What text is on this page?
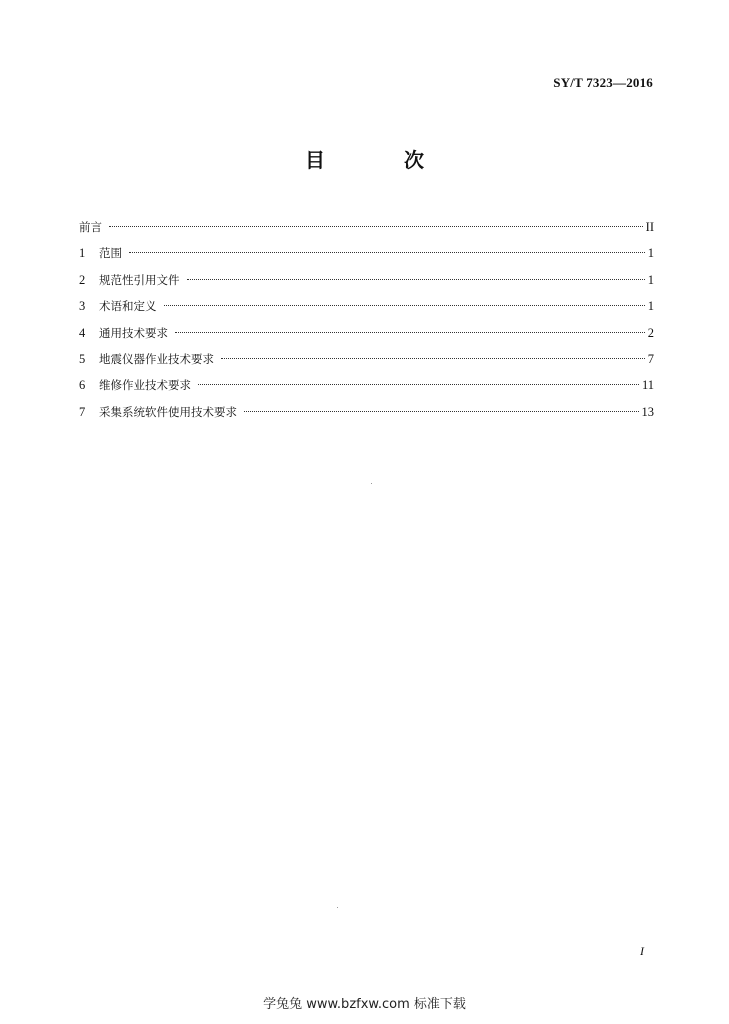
SY/T 7323—2016
目 次
前言	II
1	范围	1
2	规范性引用文件	1
3	术语和定义	1
4	通用技术要求	2
5	地震仪器作业技术要求	7
6	维修作业技术要求	11
7	采集系统软件使用技术要求	13
I
学兔兔 www.bzfxw.com 标准下载
